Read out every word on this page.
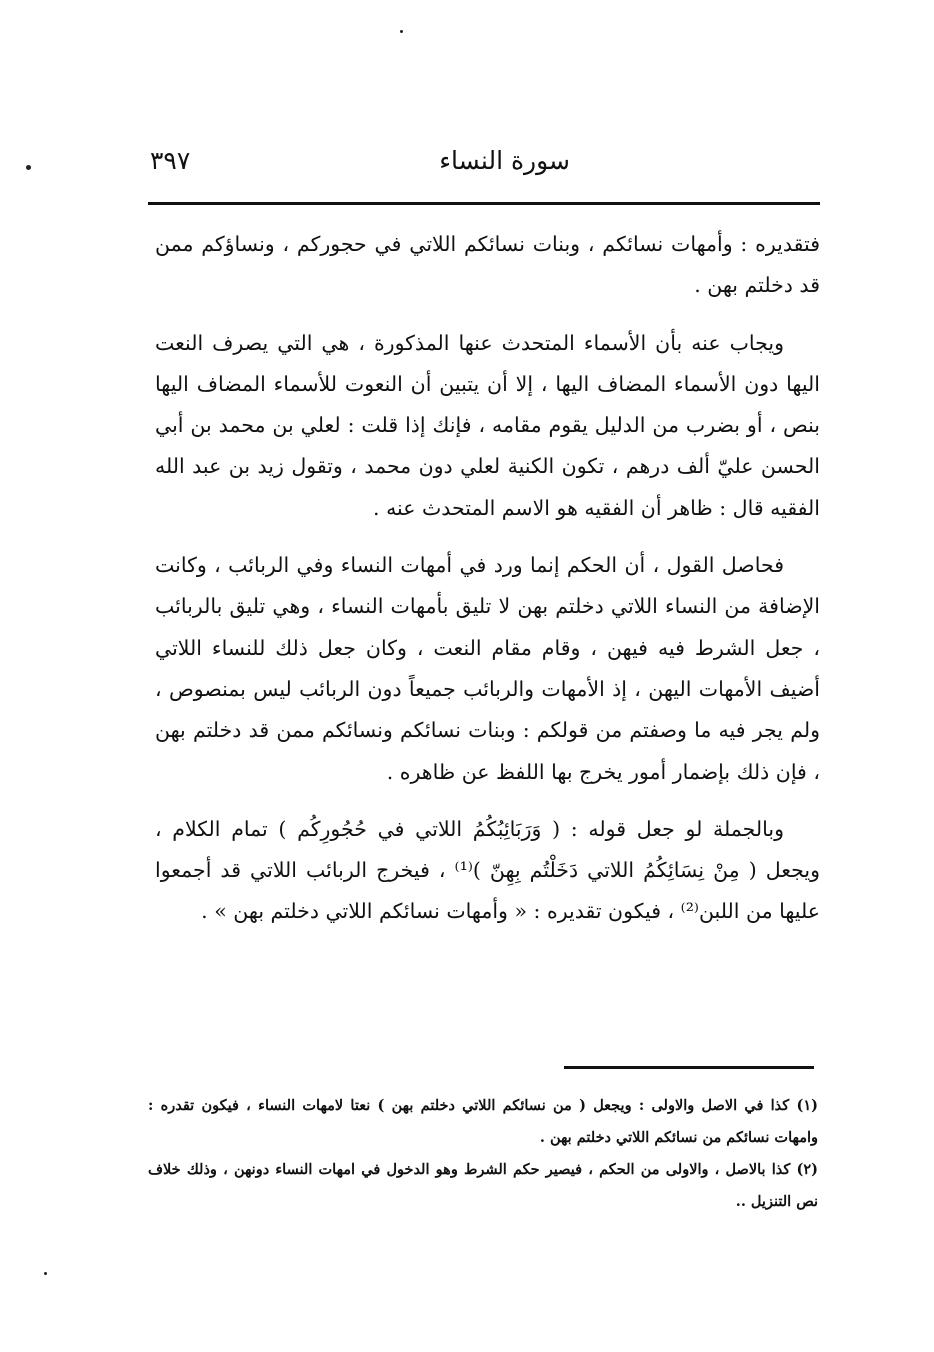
سورة النساء
٣٩٧

فتقديره : وأمهات نسائكم ، وبنات نسائكم اللاتي في حجوركم ، ونساؤكم ممن قد دخلتم بهن .

ويجاب عنه بأن الأسماء المتحدث عنها المذكورة ، هي التي يصرف النعت اليها دون الأسماء المضاف اليها ، إلا أن يتبين أن النعوت للأسماء المضاف اليها بنص ، أو بضرب من الدليل يقوم مقامه ، فإنك إذا قلت : لعلي بن محمد بن أبي الحسن عليّ ألف درهم ، تكون الكنية لعلي دون محمد ، وتقول زيد بن عبد الله الفقيه قال : ظاهر أن الفقيه هو الاسم المتحدث عنه .

فحاصل القول ، أن الحكم إنما ورد في أمهات النساء وفي الربائب ، وكانت الإضافة من النساء اللاتي دخلتم بهن لا تليق بأمهات النساء ، وهي تليق بالربائب ، جعل الشرط فيه فيهن ، وقام مقام النعت ، وكان جعل ذلك للنساء اللاتي أضيف الأمهات اليهن ، إذ الأمهات والربائب جميعاً دون الربائب ليس بمنصوص ، ولم يجر فيه ما وصفتم من قولكم : وبنات نسائكم ونسائكم ممن قد دخلتم بهن ، فإن ذلك بإضمار أمور يخرج بها اللفظ عن ظاهره .

وبالجملة لو جعل قوله : ( وَرَبَائِبُكُمُ اللاتي في حُجُورِكُم ) تمام الكلام ، ويجعل ( مِنْ نِسَائِكُمُ اللاتي دَخَلْتُم بِهِنّ )⁽¹⁾ ، فيخرج الربائب اللاتي قد أجمعوا عليها من اللبن⁽²⁾ ، فيكون تقديره : « وأمهات نسائكم اللاتي دخلتم بهن » .

(١) كذا في الاصل والاولى : ويجعل ( من نسائكم اللاتي دخلتم بهن ) نعتا لامهات النساء ، فيكون تقدره : وامهات نسائكم من نسائكم اللاتي دخلتم بهن .

(٢) كذا بالاصل ، والاولى من الحكم ، فيصير حكم الشرط وهو الدخول في امهات النساء دونهن ، وذلك خلاف نص التنزيل ..
